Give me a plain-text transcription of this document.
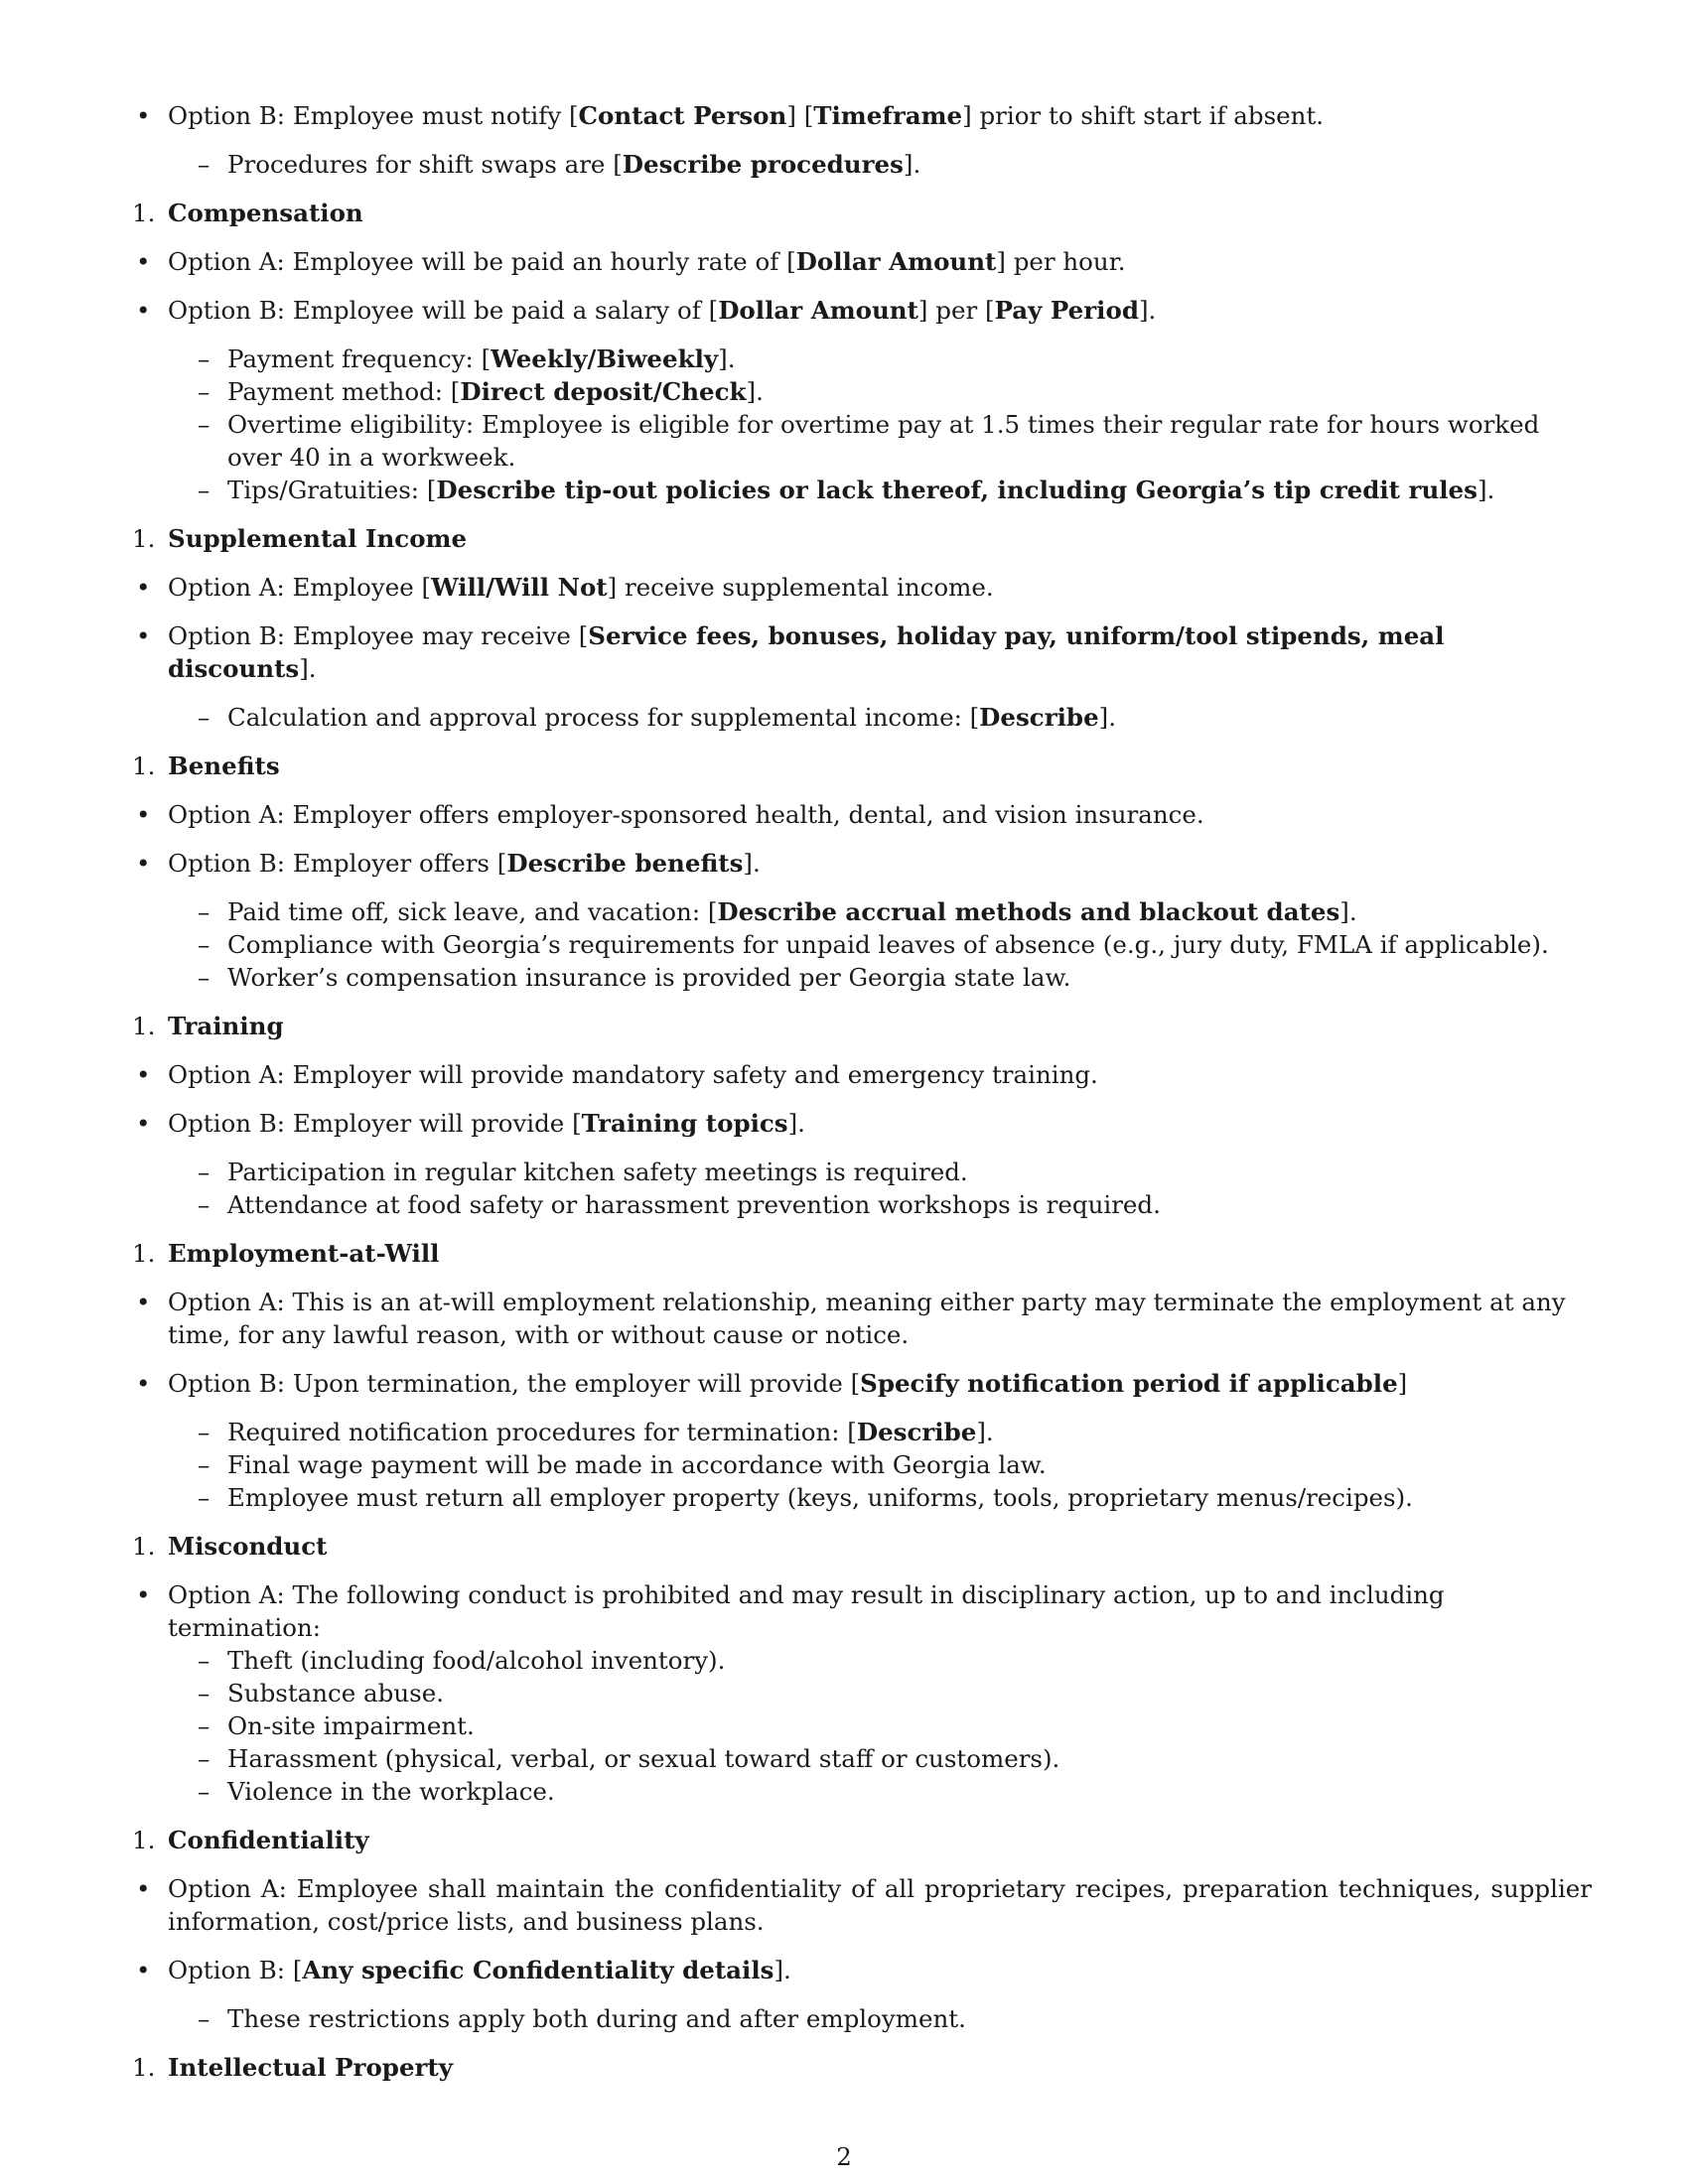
• Option B: Employee must notify [Contact Person] [Timeframe] prior to shift start if absent.
– Procedures for shift swaps are [Describe procedures].
1. Compensation
• Option A: Employee will be paid an hourly rate of [Dollar Amount] per hour.
• Option B: Employee will be paid a salary of [Dollar Amount] per [Pay Period].
– Payment frequency: [Weekly/Biweekly].
– Payment method: [Direct deposit/Check].
– Overtime eligibility: Employee is eligible for overtime pay at 1.5 times their regular rate for hours worked over 40 in a workweek.
– Tips/Gratuities: [Describe tip-out policies or lack thereof, including Georgia’s tip credit rules].
1. Supplemental Income
• Option A: Employee [Will/Will Not] receive supplemental income.
• Option B: Employee may receive [Service fees, bonuses, holiday pay, uniform/tool stipends, meal discounts].
– Calculation and approval process for supplemental income: [Describe].
1. Benefits
• Option A: Employer offers employer-sponsored health, dental, and vision insurance.
• Option B: Employer offers [Describe benefits].
– Paid time off, sick leave, and vacation: [Describe accrual methods and blackout dates].
– Compliance with Georgia’s requirements for unpaid leaves of absence (e.g., jury duty, FMLA if applicable).
– Worker’s compensation insurance is provided per Georgia state law.
1. Training
• Option A: Employer will provide mandatory safety and emergency training.
• Option B: Employer will provide [Training topics].
– Participation in regular kitchen safety meetings is required.
– Attendance at food safety or harassment prevention workshops is required.
1. Employment-at-Will
• Option A: This is an at-will employment relationship, meaning either party may terminate the employment at any time, for any lawful reason, with or without cause or notice.
• Option B: Upon termination, the employer will provide [Specify notification period if applicable]
– Required notification procedures for termination: [Describe].
– Final wage payment will be made in accordance with Georgia law.
– Employee must return all employer property (keys, uniforms, tools, proprietary menus/recipes).
1. Misconduct
• Option A: The following conduct is prohibited and may result in disciplinary action, up to and including termination:
– Theft (including food/alcohol inventory).
– Substance abuse.
– On-site impairment.
– Harassment (physical, verbal, or sexual toward staff or customers).
– Violence in the workplace.
1. Confidentiality
• Option A: Employee shall maintain the confidentiality of all proprietary recipes, preparation techniques, supplier information, cost/price lists, and business plans.
• Option B: [Any specific Confidentiality details].
– These restrictions apply both during and after employment.
1. Intellectual Property
2
